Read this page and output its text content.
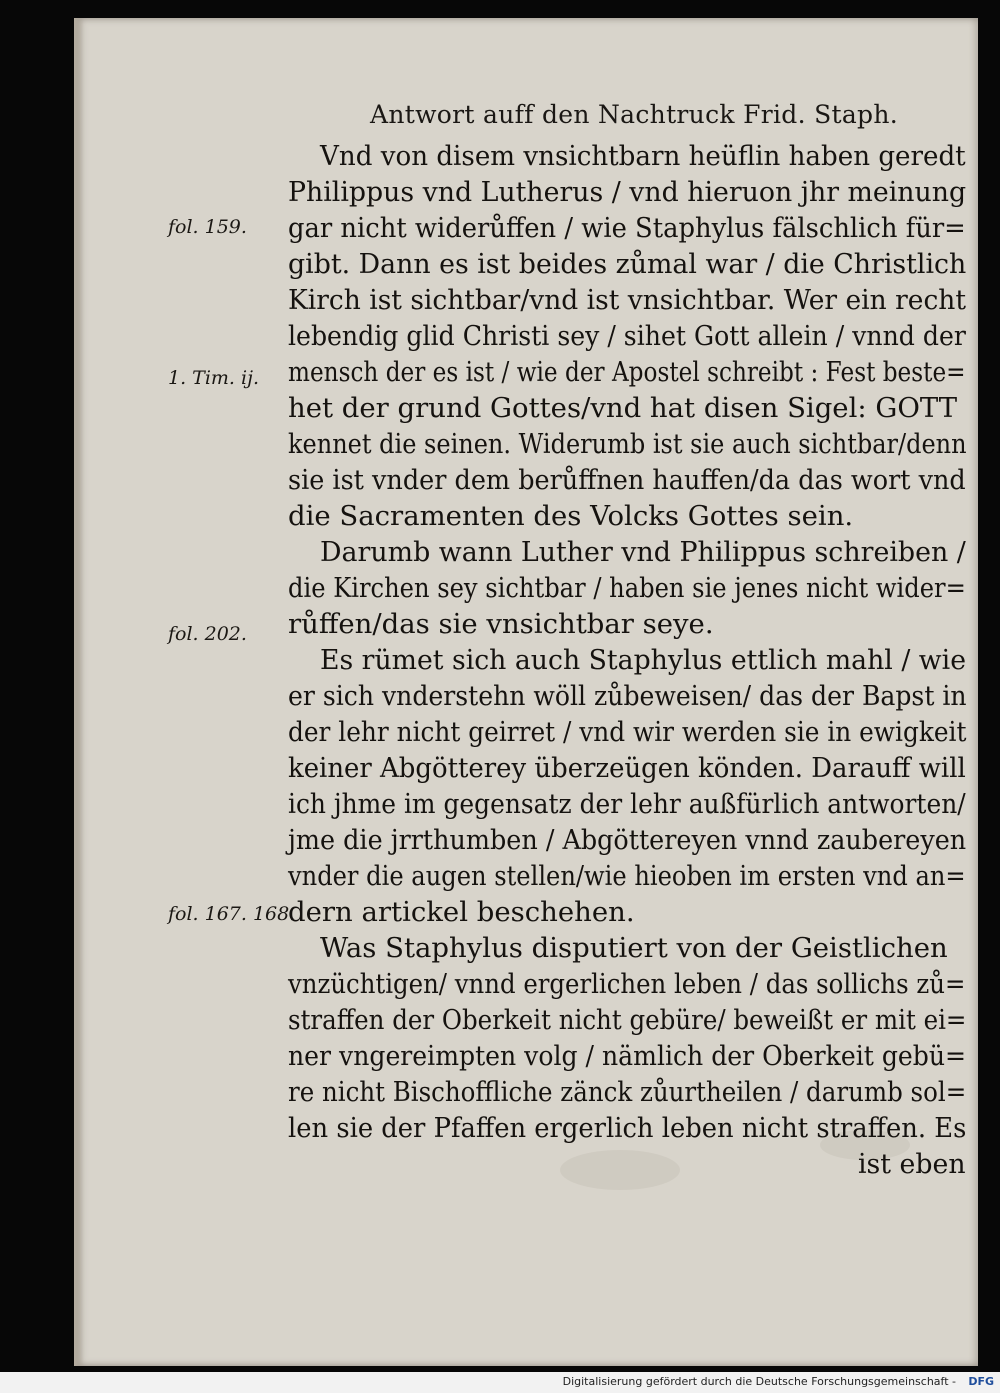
Antwort auff den Nachtruck Frid. Staph.
fol. 159.
1. Tim. ij.
fol. 202.
fol. 167. 168.
Vnd von disem vnsichtbarn heüflin haben geredt
Philippus vnd Lutherus / vnd hieruon jhr meinung
gar nicht widerůffen / wie Staphylus fälschlich für=
gibt. Dann es ist beides zůmal war / die Christlich
Kirch ist sichtbar/vnd ist vnsichtbar. Wer ein recht
lebendig glid Christi sey / sihet Gott allein / vnnd der
mensch der es ist / wie der Apostel schreibt : Fest beste=
het der grund Gottes/vnd hat disen Sigel: GOTT
kennet die seinen. Widerumb ist sie auch sichtbar/denn
sie ist vnder dem berůffnen hauffen/da das wort vnd
die Sacramenten des Volcks Gottes sein.
Darumb wann Luther vnd Philippus schreiben /
die Kirchen sey sichtbar / haben sie jenes nicht wider=
růffen/das sie vnsichtbar seye.
Es rümet sich auch Staphylus ettlich mahl / wie
er sich vnderstehn wöll zůbeweisen/ das der Bapst in
der lehr nicht geirret / vnd wir werden sie in ewigkeit
keiner Abgötterey überzeügen könden. Darauff will
ich jhme im gegensatz der lehr außfürlich antworten/
jme die jrrthumben / Abgöttereyen vnnd zaubereyen
vnder die augen stellen/wie hieoben im ersten vnd an=
dern artickel beschehen.
Was Staphylus disputiert von der Geistlichen
vnzüchtigen/ vnnd ergerlichen leben / das sollichs zů=
straffen der Oberkeit nicht gebüre/ beweißt er mit ei=
ner vngereimpten volg / nämlich der Oberkeit gebü=
re nicht Bischoffliche zänck zůurtheilen / darumb sol=
len sie der Pfaffen ergerlich leben nicht straffen. Es
ist eben
Digitalisierung gefördert durch die Deutsche Forschungsgemeinschaft - DFG
